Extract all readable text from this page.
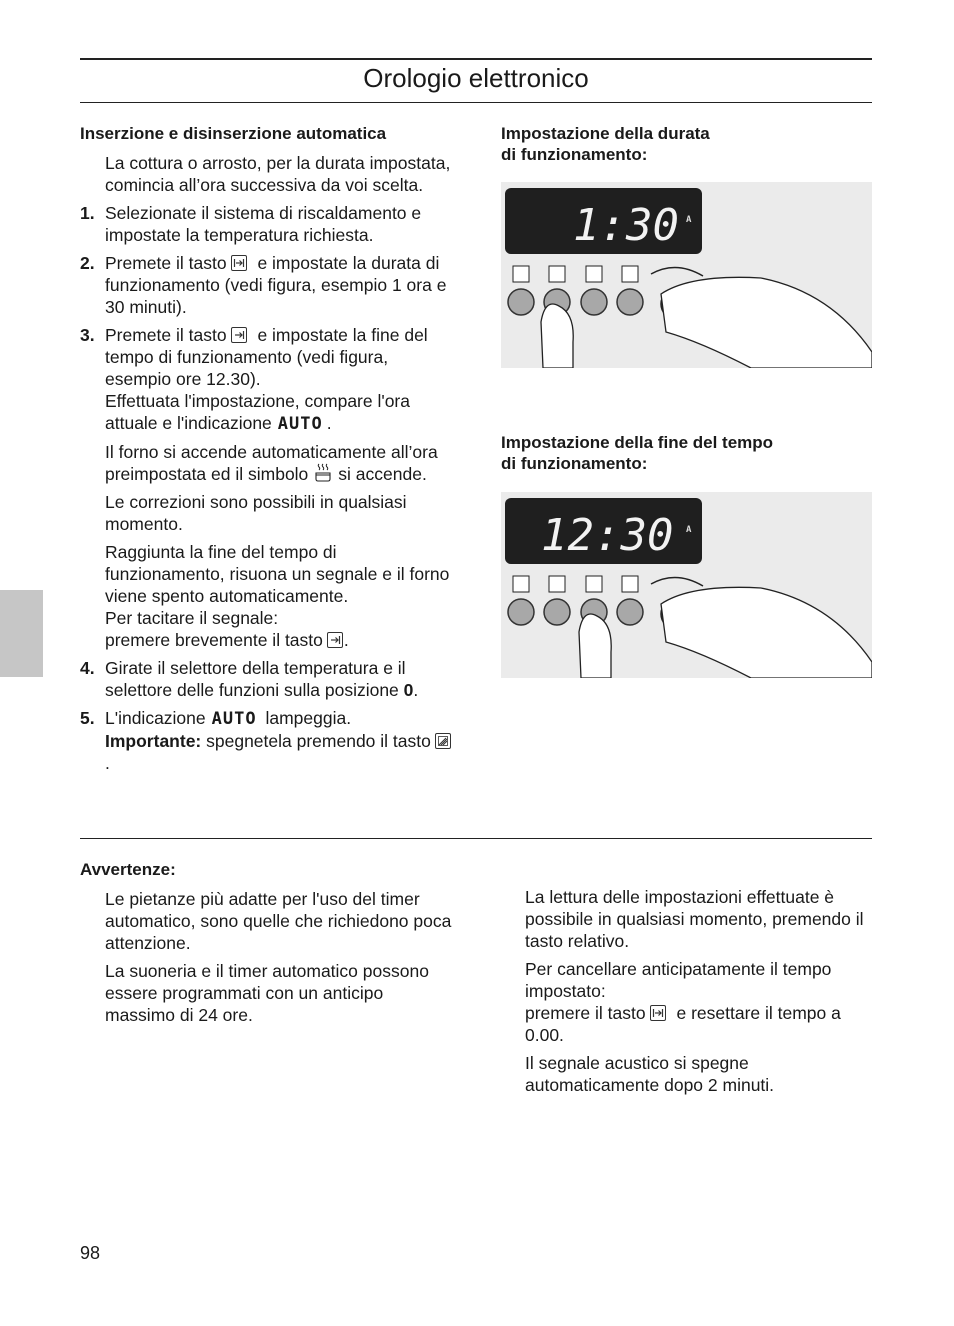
Orologio elettronico
Inserzione e disinserzione automatica

La cottura o arrosto, per la durata impostata, comincia all’ora successiva da voi scelta.

1. Selezionate il sistema di riscaldamento e impostate la temperatura richiesta.
2. Premete il tasto e impostate la durata di funzionamento (vedi figura, esempio 1 ora e 30 minuti).
3. Premete il tasto e impostate la fine del tempo di funzionamento (vedi figura, esempio ore 12.30).
Effettuata l'impostazione, compare l'ora attuale e l'indicazione AUTO .

Il forno si accende automaticamente all’ora preimpostata ed il simbolo si accende.

Le correzioni sono possibili in qualsiasi momento.

Raggiunta la fine del tempo di funzionamento, risuona un segnale e il forno viene spento automaticamente.
Per tacitare il segnale:
premere brevemente il tasto .

4. Girate il selettore della temperatura e il selettore delle funzioni sulla posizione 0.
5. L'indicazione AUTO lampeggia.
Importante: spegnetela premendo il tasto
.
Impostazione della durata
di funzionamento:
Impostazione della fine del tempo
di funzionamento:
1:30 A
12:30 A
Avvertenze:

Le pietanze più adatte per l'uso del timer automatico, sono quelle che richiedono poca attenzione.

La suoneria e il timer automatico possono essere programmati con un anticipo massimo di 24 ore.

La lettura delle impostazioni effettuate è possibile in qualsiasi momento, premendo il tasto relativo.

Per cancellare anticipatamente il tempo impostato:
premere il tasto e resettare il tempo a 0.00.

Il segnale acustico si spegne automaticamente dopo 2 minuti.

98
